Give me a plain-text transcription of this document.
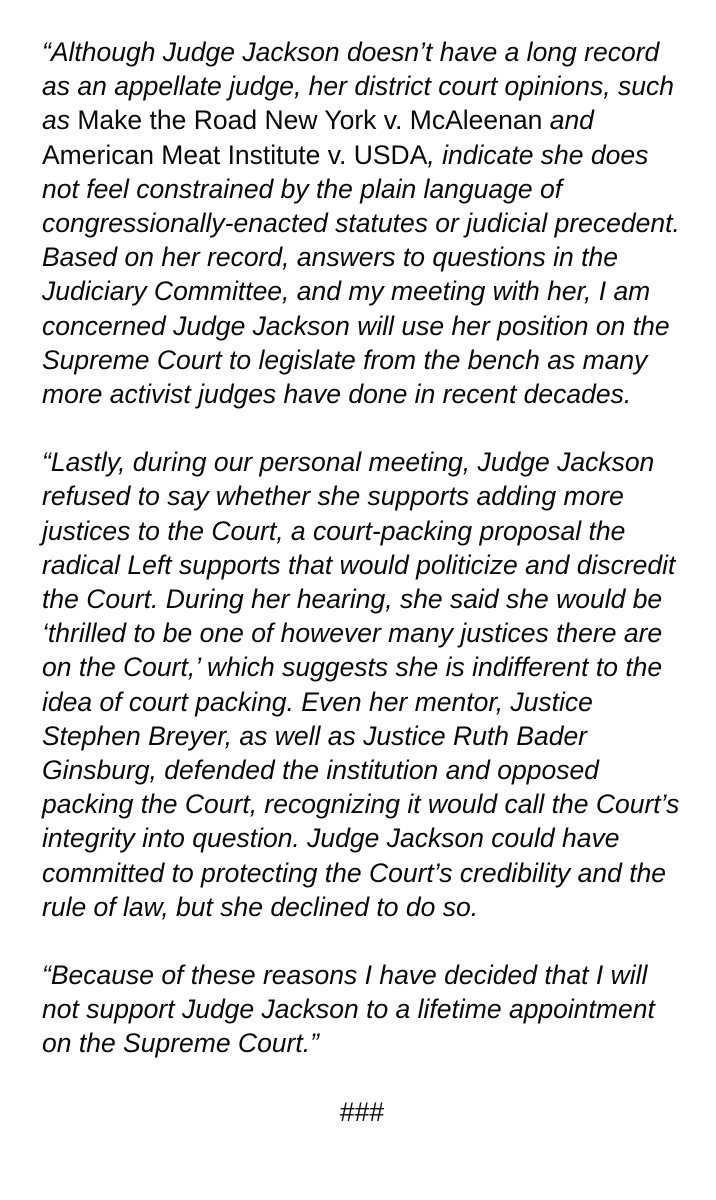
“Although Judge Jackson doesn’t have a long record as an appellate judge, her district court opinions, such as Make the Road New York v. McAleenan and American Meat Institute v. USDA, indicate she does not feel constrained by the plain language of congressionally-enacted statutes or judicial precedent. Based on her record, answers to questions in the Judiciary Committee, and my meeting with her, I am concerned Judge Jackson will use her position on the Supreme Court to legislate from the bench as many more activist judges have done in recent decades.

“Lastly, during our personal meeting, Judge Jackson refused to say whether she supports adding more justices to the Court, a court-packing proposal the radical Left supports that would politicize and discredit the Court. During her hearing, she said she would be ‘thrilled to be one of however many justices there are on the Court,’ which suggests she is indifferent to the idea of court packing. Even her mentor, Justice Stephen Breyer, as well as Justice Ruth Bader Ginsburg, defended the institution and opposed packing the Court, recognizing it would call the Court’s integrity into question. Judge Jackson could have committed to protecting the Court’s credibility and the rule of law, but she declined to do so.

“Because of these reasons I have decided that I will not support Judge Jackson to a lifetime appointment on the Supreme Court.”

###
